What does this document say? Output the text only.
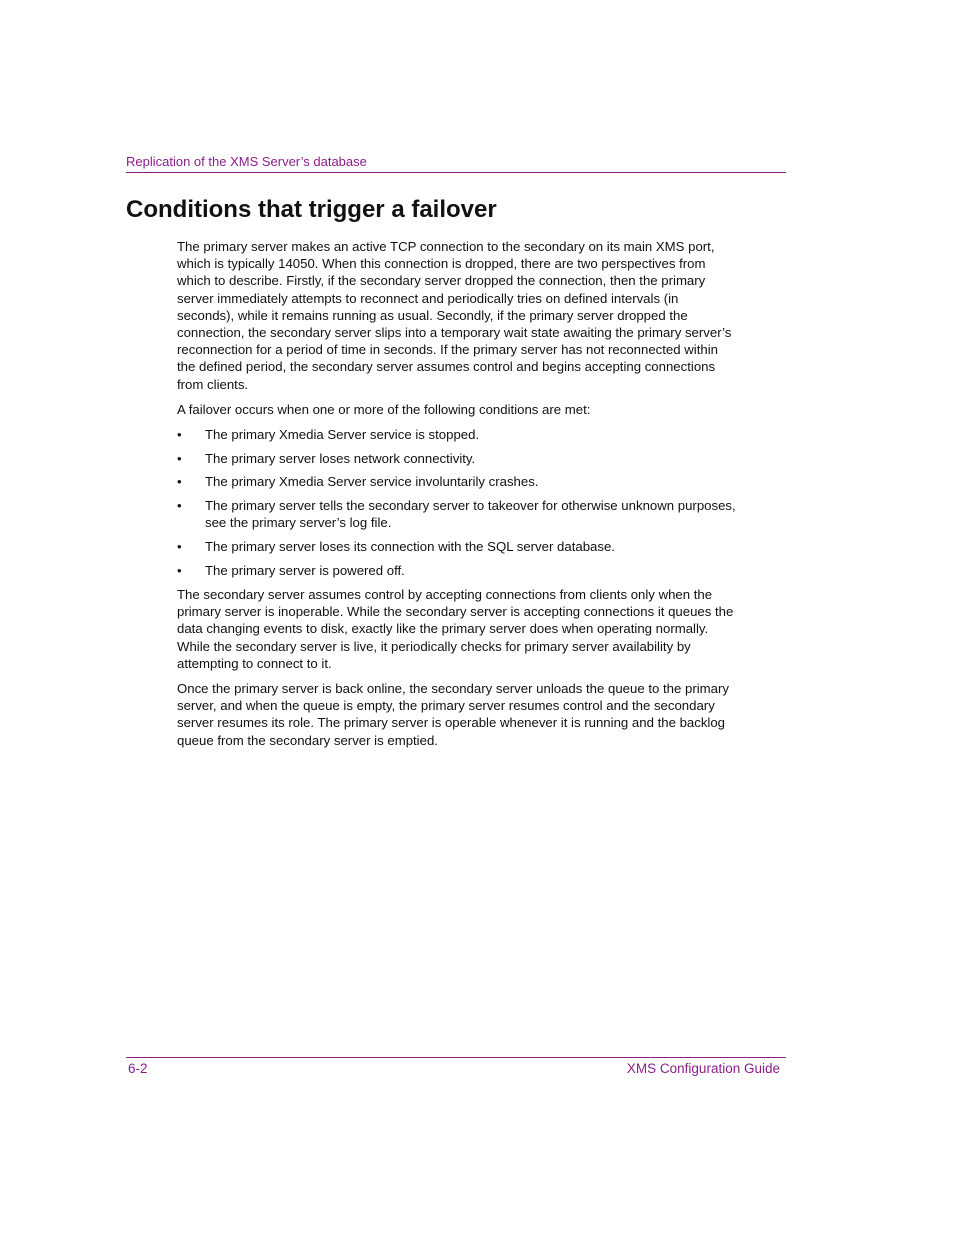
Replication of the XMS Server’s database
Conditions that trigger a failover

The primary server makes an active TCP connection to the secondary on its main XMS port, which is typically 14050. When this connection is dropped, there are two perspectives from which to describe. Firstly, if the secondary server dropped the connection, then the primary server immediately attempts to reconnect and periodically tries on defined intervals (in seconds), while it remains running as usual. Secondly, if the primary server dropped the connection, the secondary server slips into a temporary wait state awaiting the primary server’s reconnection for a period of time in seconds. If the primary server has not reconnected within the defined period, the secondary server assumes control and begins accepting connections from clients.

A failover occurs when one or more of the following conditions are met:

•	The primary Xmedia Server service is stopped.
•	The primary server loses network connectivity.
•	The primary Xmedia Server service involuntarily crashes.
•	The primary server tells the secondary server to takeover for otherwise unknown purposes, see the primary server’s log file.
•	The primary server loses its connection with the SQL server database.
•	The primary server is powered off.

The secondary server assumes control by accepting connections from clients only when the primary server is inoperable. While the secondary server is accepting connections it queues the data changing events to disk, exactly like the primary server does when operating normally. While the secondary server is live, it periodically checks for primary server availability by attempting to connect to it.

Once the primary server is back online, the secondary server unloads the queue to the primary server, and when the queue is empty, the primary server resumes control and the secondary server resumes its role. The primary server is operable whenever it is running and the backlog queue from the secondary server is emptied.

6-2	XMS Configuration Guide
